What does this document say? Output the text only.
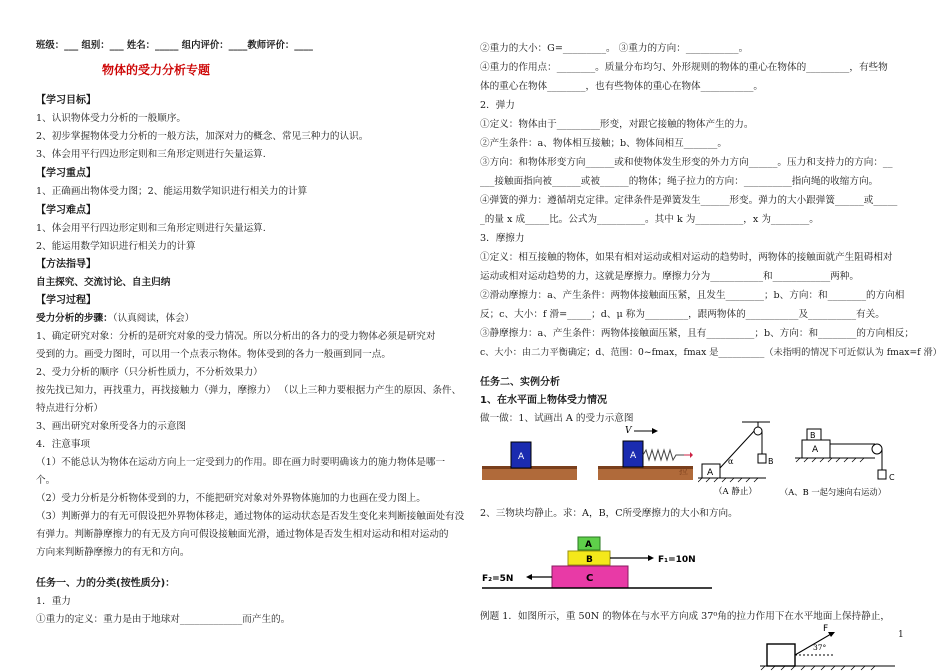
班级：___ 组别：___ 姓名：_____ 组内评价：____教师评价：____
物体的受力分析专题
【学习目标】
1、认识物体受力分析的一般顺序。
2、初步掌握物体受力分析的一般方法，加深对力的概念、常见三种力的认识。
3、体会用平行四边形定则和三角形定则进行矢量运算.
【学习重点】
1、正确画出物体受力图；2、能运用数学知识进行相关力的计算
【学习难点】
1、体会用平行四边形定则和三角形定则进行矢量运算.
2、能运用数学知识进行相关力的计算
【方法指导】
自主探究、交流讨论、自主归纳
【学习过程】
受力分析的步骤：（认真阅读，体会）
1、确定研究对象：分析的是研究对象的受力情况。所以分析出的各力的受力物体必须是研究对
受到的力。画受力图时，可以用一个点表示物体。物体受到的各力一般画到同一点。
2、受力分析的顺序（只分析性质力，不分析效果力）
按先找已知力，再找重力，再找接触力（弹力，摩擦力） （以上三种力要根据力产生的原因、条件、
特点进行分析）
3、画出研究对象所受各力的示意图
4．注意事项
（1）不能总认为物体在运动方向上一定受到力的作用。即在画力时要明确该力的施力物体是哪一
个。
（2）受力分析是分析物体受到的力，不能把研究对象对外界物体施加的力也画在受力图上。
（3）判断弹力的有无可假设把外界物体移走，通过物体的运动状态是否发生变化来判断接触面处有没
有弹力。判断静摩擦力的有无及方向可假设接触面光滑，通过物体是否发生相对运动和相对运动的
方向来判断静摩擦力的有无和方向。
任务一、力的分类(按性质分)：
1．重力
①重力的定义：重力是由于地球对_____________而产生的。
②重力的大小：G=_________。 ③重力的方向：___________。
④重力的作用点：________。质量分布均匀、外形规则的物体的重心在物体的_________，有些物
体的重心在物体________，也有些物体的重心在物体___________。
2．弹力
①定义：物体由于_________形变，对跟它接触的物体产生的力。
②产生条件：a、物体相互接触；b、物体间相互_______。
③方向：和物体形变方向______或和使物体发生形变的外力方向______。压力和支持力的方向：__
___接触面指向被______或被______的物体；绳子拉力的方向：__________指向绳的收缩方向。
④弹簧的弹力：遵循胡克定律。定律条件是弹簧发生______形变。弹力的大小跟弹簧______或_____
_的量 x 成_____比。公式为__________。其中 k 为__________，x 为________。
3．摩擦力
①定义：相互接触的物体，如果有相对运动或相对运动的趋势时，两物体的接触面就产生阻碍相对
运动或相对运动趋势的力，这就是摩擦力。摩擦力分为___________和____________两种。
②滑动摩擦力：a、产生条件：两物体接触面压紧，且发生________；b、方向：和________的方向相
反；c、大小：f 滑=_____；d、μ 称为_________，跟两物体的___________及__________有关。
③静摩擦力：a、产生条件：两物体接触面压紧，且有__________；b、方向：和________的方向相反；
c、大小：由二力平衡确定；d、范围：0~fmax，fmax 是__________（未指明的情况下可近似认为 fmax=f 滑）
任务二、实例分析
1、在水平面上物体受力情况
做一做：1、试画出 A 的受力示意图
2、三物块均静止。求：A，B，C所受摩擦力的大小和方向。
例题 1．如图所示，重 50N 的物体在与水平方向成 37⁰角的拉力作用下在水平地面上保持静止，
A
V
A
拉 A
α	B
（A 静止）
B
A
C
（A、B 一起匀速向右运动）
A
B
C
F₁=10N
F₂=5N
F
37°
1
